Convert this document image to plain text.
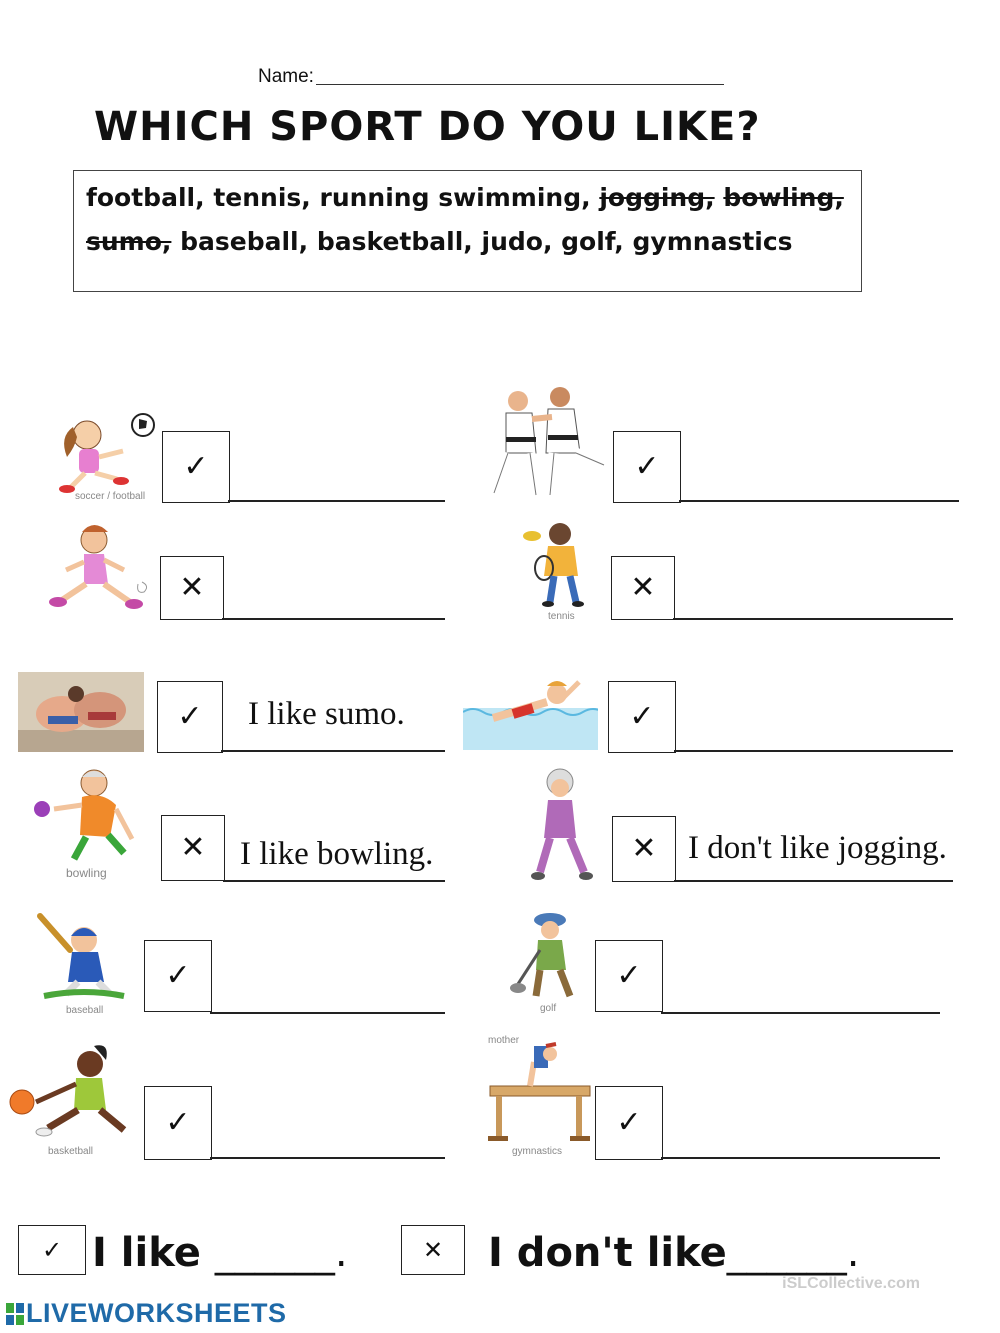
Name:
WHICH SPORT DO YOU LIKE?
football, tennis, running swimming, jogging, bowling,
sumo, baseball, basketball, judo, golf, gymnastics
soccer / football
✓	✓
✕
tennis
✕
✓	I like sumo.	✓
bowling
✕	I like bowling.	✕ I don't like jogging.
baseball
✓
golf
✓
basketball
✓
mother
gymnastics
✓
✓ I like ______.	✕	I don't like______.
iSLCollective.com
LIVEWORKSHEETS
